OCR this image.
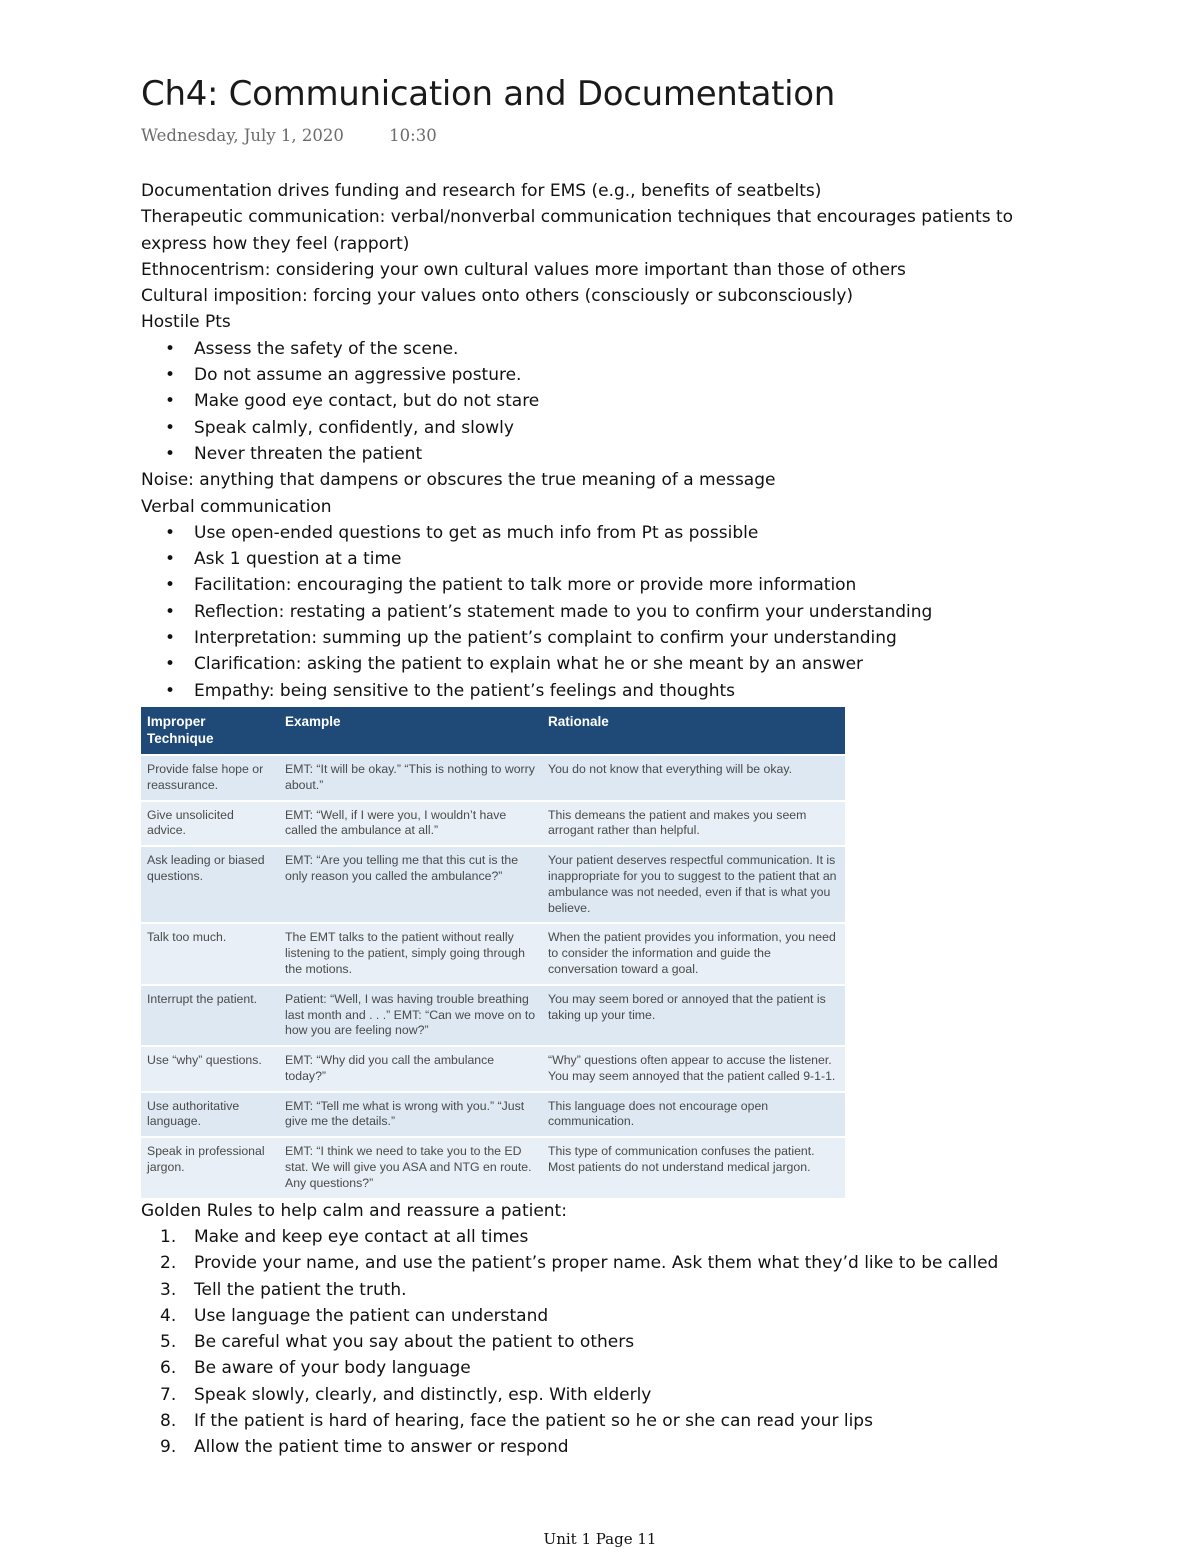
Ch4: Communication and Documentation
Wednesday, July 1, 2020	10:30

Documentation drives funding and research for EMS (e.g., benefits of seatbelts)

Therapeutic communication: verbal/nonverbal communication techniques that encourages patients to express how they feel (rapport)

Ethnocentrism: considering your own cultural values more important than those of others

Cultural imposition: forcing your values onto others (consciously or subconsciously)

Hostile Pts

• Assess the safety of the scene.
• Do not assume an aggressive posture.
• Make good eye contact, but do not stare
• Speak calmly, confidently, and slowly
• Never threaten the patient

Noise: anything that dampens or obscures the true meaning of a message

Verbal communication

• Use open-ended questions to get as much info from Pt as possible
• Ask 1 question at a time
• Facilitation: encouraging the patient to talk more or provide more information
• Reflection: restating a patient’s statement made to you to confirm your understanding
• Interpretation: summing up the patient’s complaint to confirm your understanding
• Clarification: asking the patient to explain what he or she meant by an answer
• Empathy: being sensitive to the patient’s feelings and thoughts
Improper Technique	Example	Rationale
Provide false hope or reassurance.	EMT: “It will be okay.” “This is nothing to worry about.”	You do not know that everything will be okay.
Give unsolicited advice.	EMT: “Well, if I were you, I wouldn’t have called the ambulance at all.”	This demeans the patient and makes you seem arrogant rather than helpful.
Ask leading or biased questions.	EMT: “Are you telling me that this cut is the only reason you called the ambulance?”	Your patient deserves respectful communication. It is inappropriate for you to suggest to the patient that an ambulance was not needed, even if that is what you believe.
Talk too much.	The EMT talks to the patient without really listening to the patient, simply going through the motions.	When the patient provides you information, you need to consider the information and guide the conversation toward a goal.
Interrupt the patient.	Patient: “Well, I was having trouble breathing last month and . . .” EMT: “Can we move on to how you are feeling now?”	You may seem bored or annoyed that the patient is taking up your time.
Use “why” questions.	EMT: “Why did you call the ambulance today?”	“Why” questions often appear to accuse the listener. You may seem annoyed that the patient called 9-1-1.
Use authoritative language.	EMT: “Tell me what is wrong with you.” “Just give me the details.”	This language does not encourage open communication.
Speak in professional jargon.	EMT: “I think we need to take you to the ED stat. We will give you ASA and NTG en route. Any questions?”	This type of communication confuses the patient. Most patients do not understand medical jargon.

Golden Rules to help calm and reassure a patient:

1. Make and keep eye contact at all times
2. Provide your name, and use the patient’s proper name. Ask them what they’d like to be called
3. Tell the patient the truth.
4. Use language the patient can understand
5. Be careful what you say about the patient to others
6. Be aware of your body language
7. Speak slowly, clearly, and distinctly, esp. With elderly
8. If the patient is hard of hearing, face the patient so he or she can read your lips
9. Allow the patient time to answer or respond
Unit 1 Page 11
